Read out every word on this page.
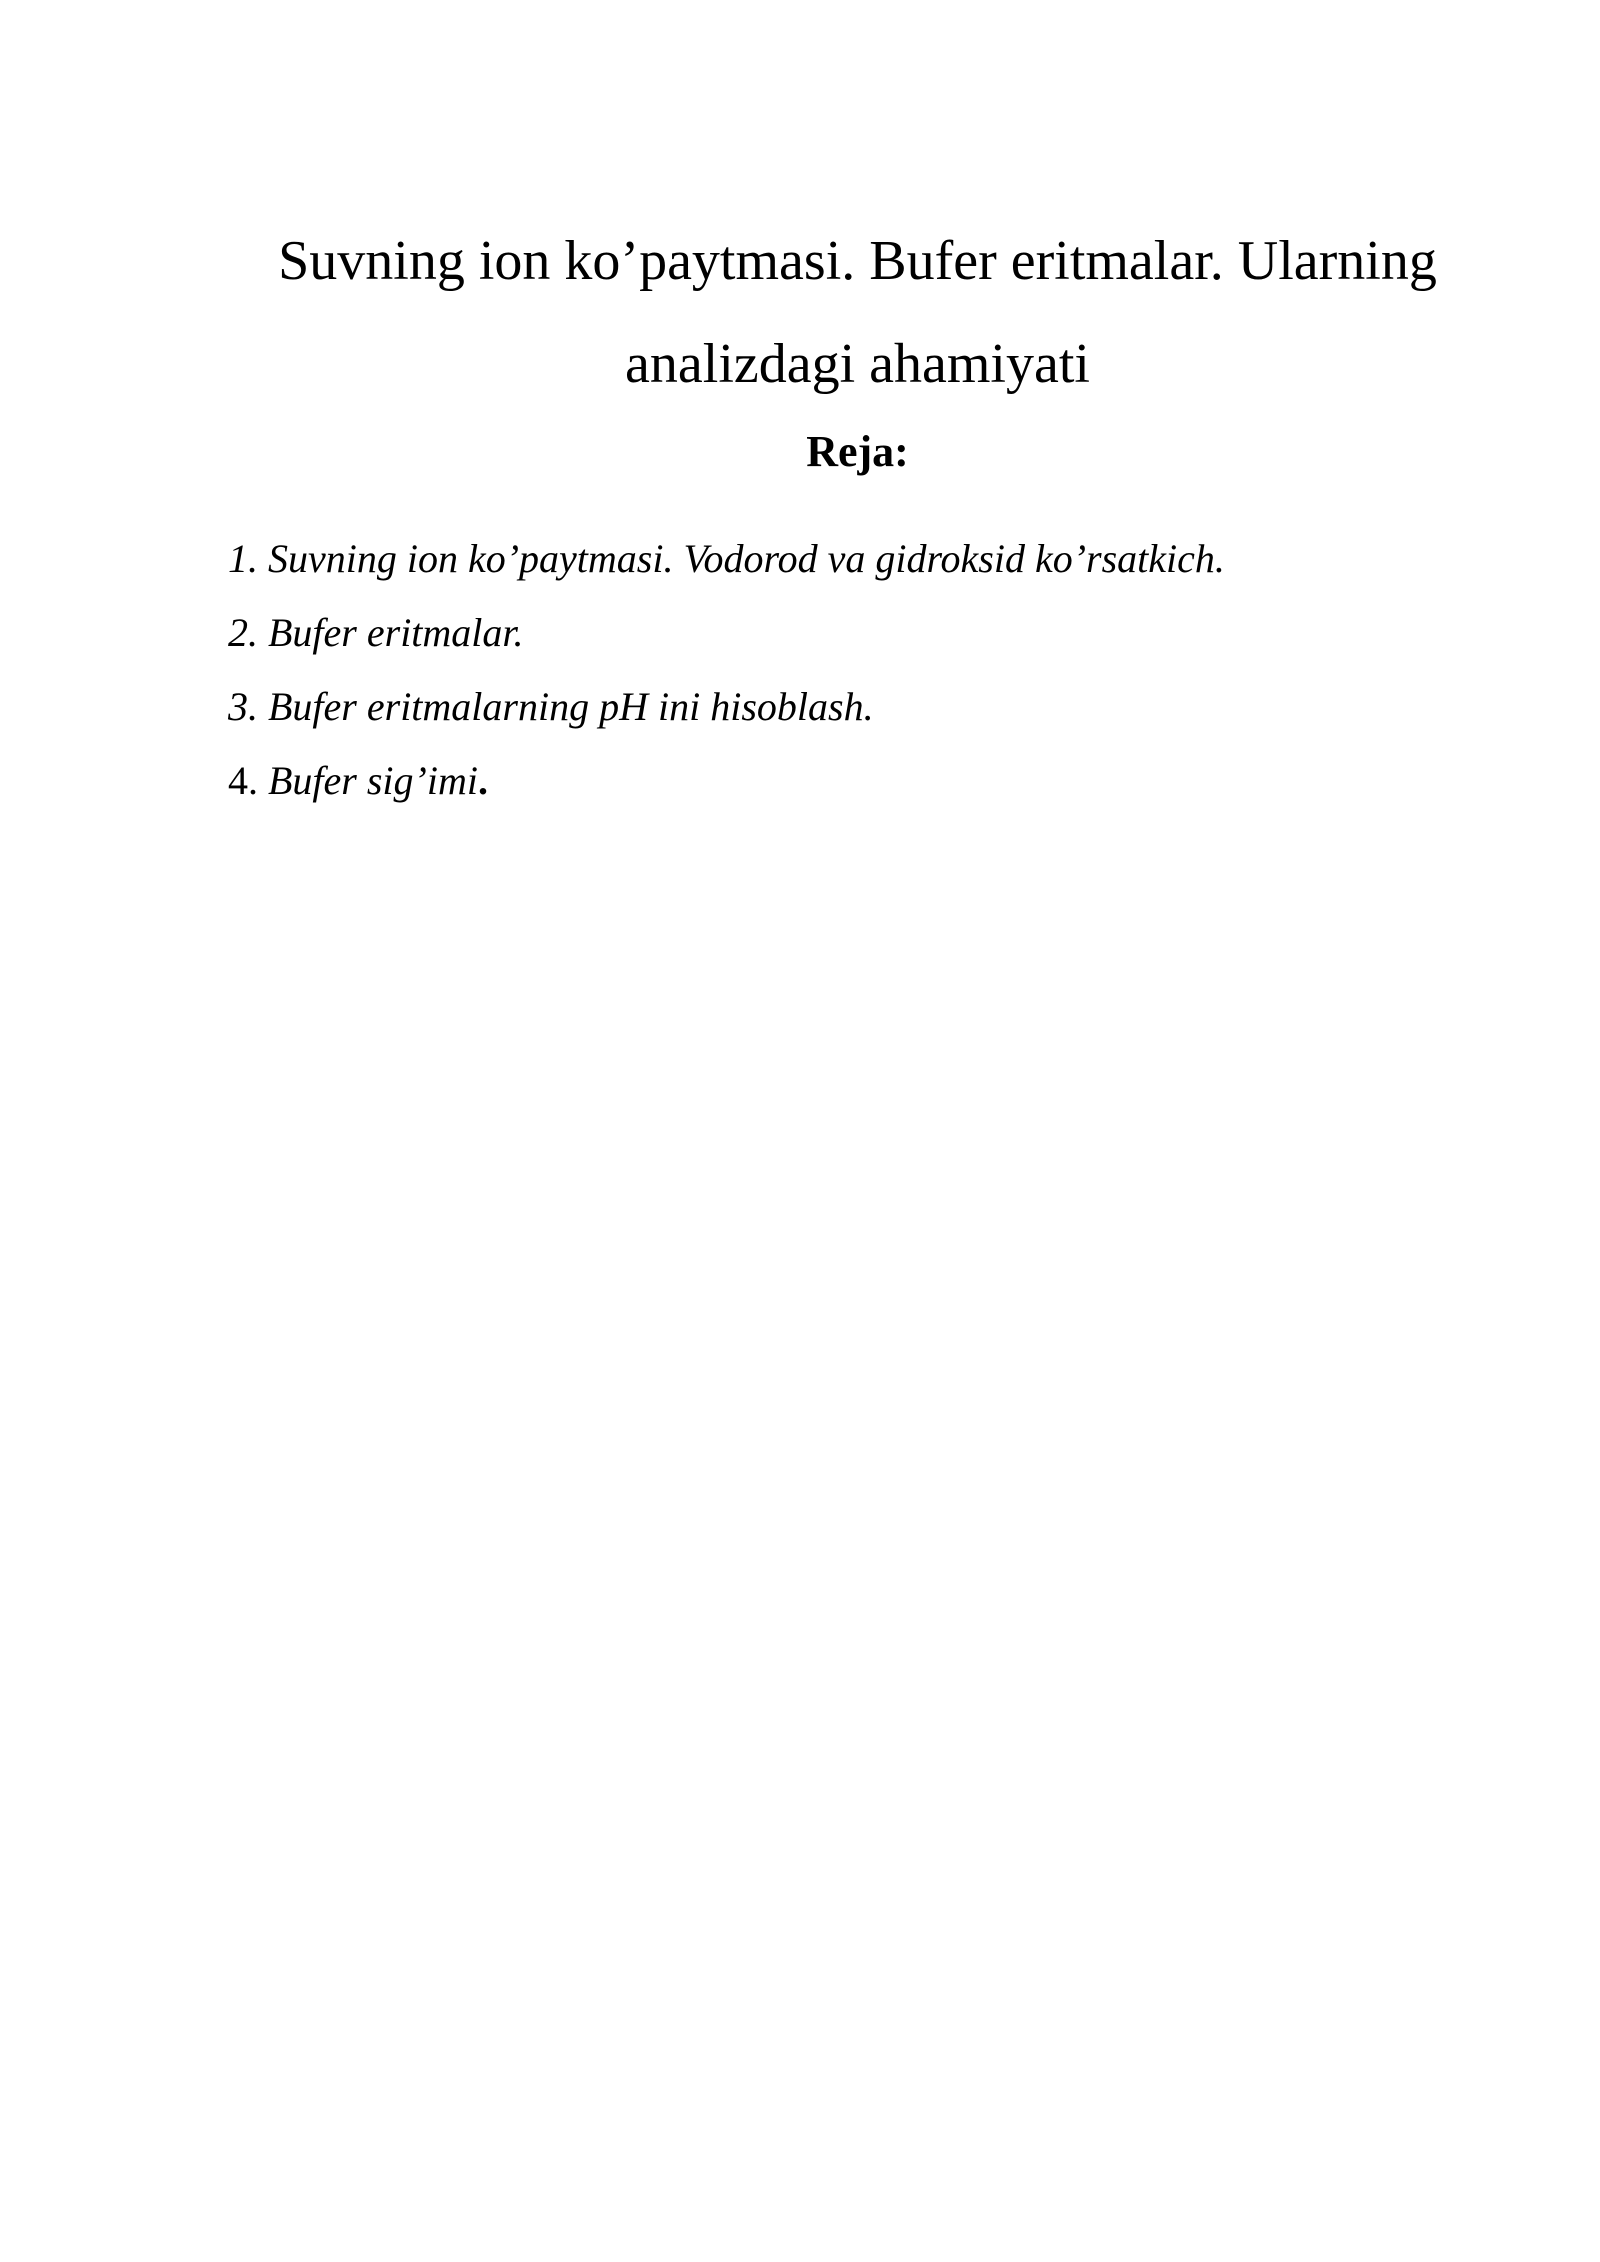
Suvning ion ko’paytmasi. Bufer eritmalar. Ularning analizdagi ahamiyati
Reja:
1. Suvning ion ko’paytmasi. Vodorod va gidroksid ko’rsatkich.
2. Bufer eritmalar.
3. Bufer eritmalarning pH ini hisoblash.
4. Bufer sig’imi .
